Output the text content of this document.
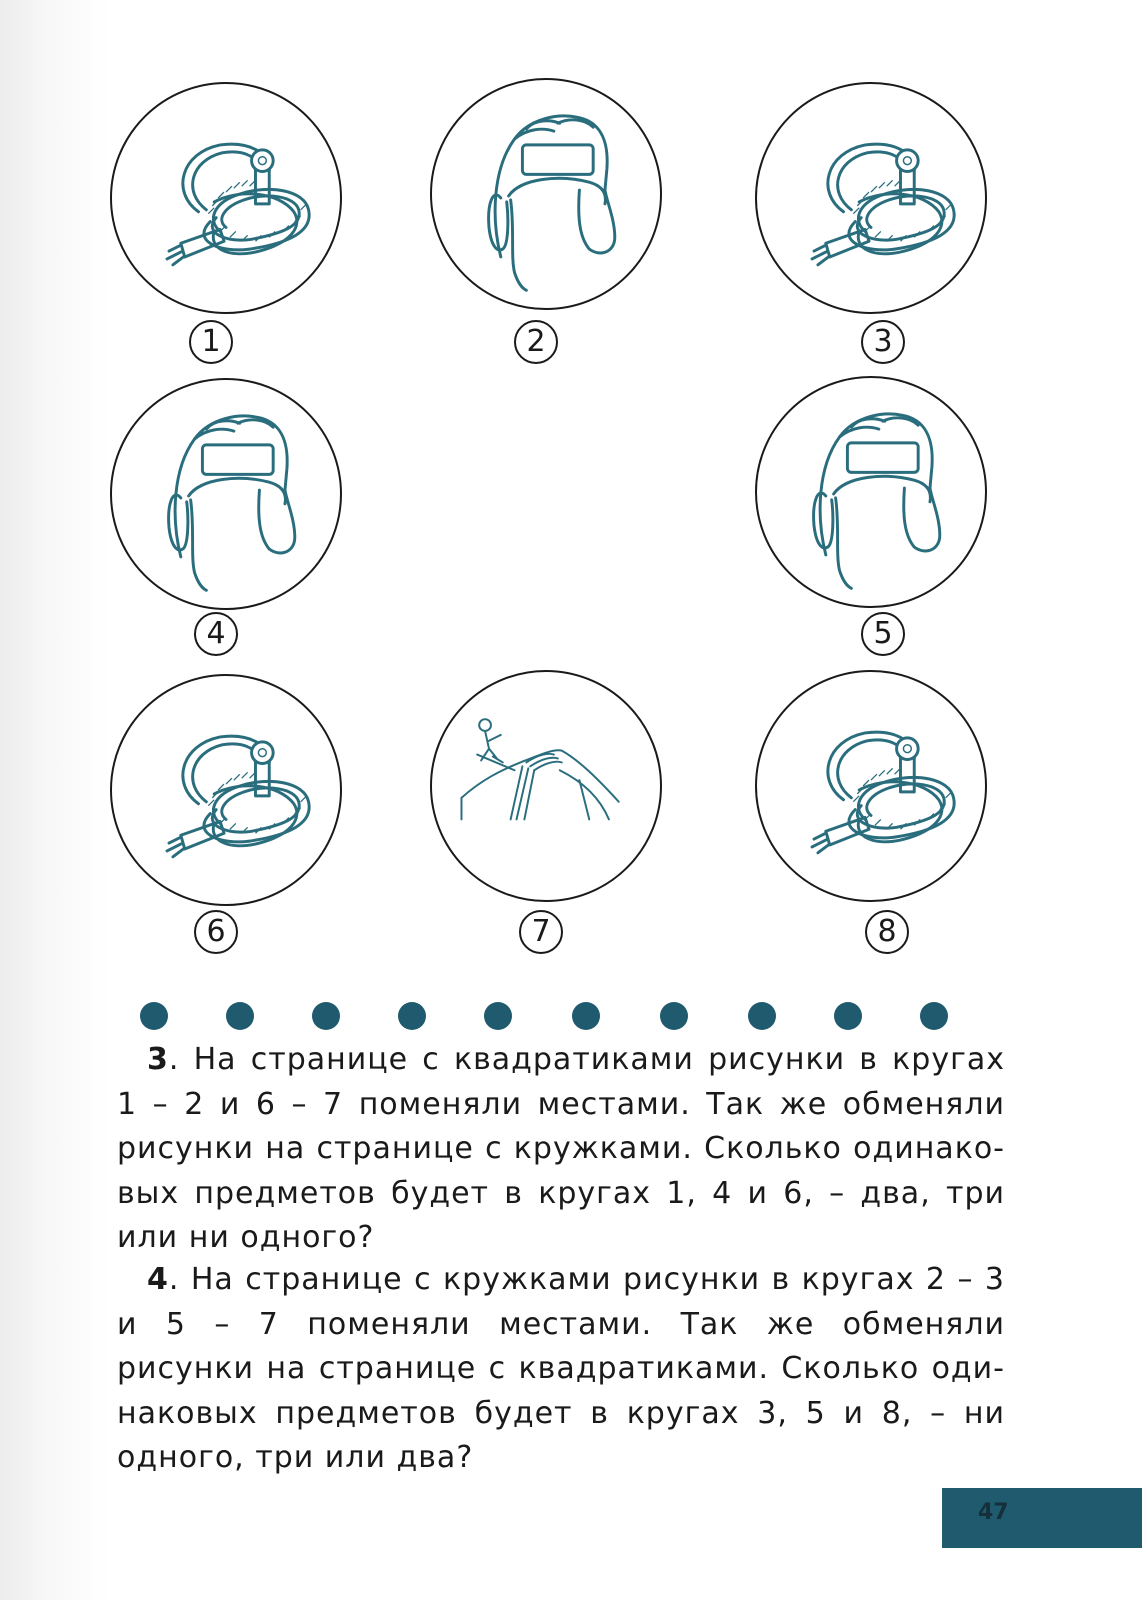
1	2	3
4	5
6	7	8
3. На странице с квадратиками рисунки в кругах 1 – 2 и 6 – 7 поменяли местами. Так же обменяли рисунки на странице с кружками. Сколько одинако-вых предметов будет в кругах 1, 4 и 6, – два, три или ни одного?
4. На странице с кружками рисунки в кругах 2 – 3 и 5 – 7 поменяли местами. Так же обменяли рисунки на странице с квадратиками. Сколько оди-наковых предметов будет в кругах 3, 5 и 8, – ни одного, три или два?
47
